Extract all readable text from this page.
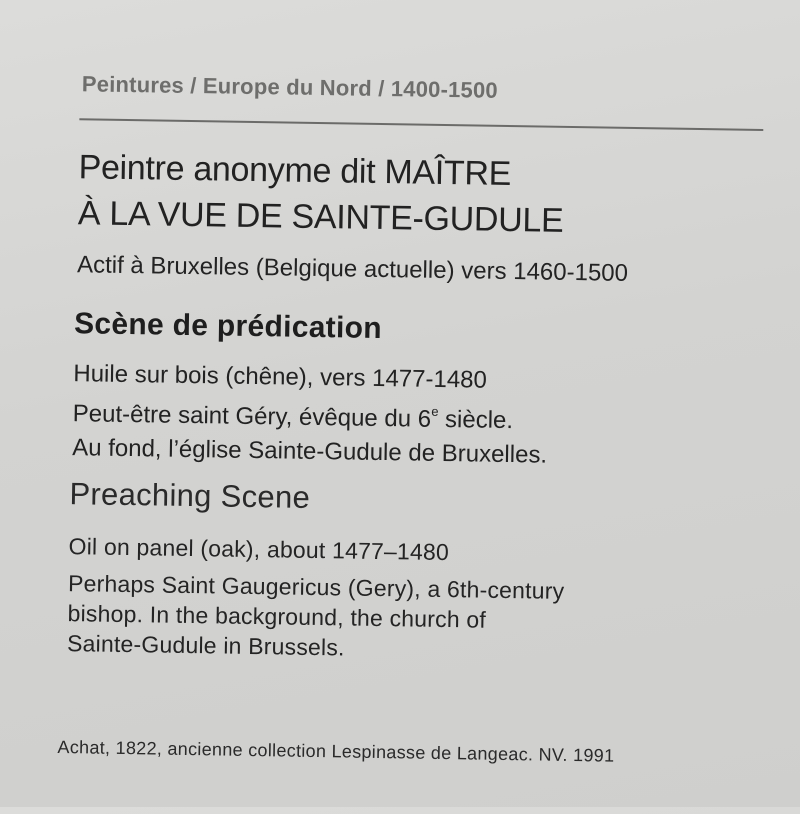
Peintures / Europe du Nord / 1400-1500
Peintre anonyme dit MAÎTRE
À LA VUE DE SAINTE-GUDULE
Actif à Bruxelles (Belgique actuelle) vers 1460-1500
Scène de prédication
Huile sur bois (chêne), vers 1477-1480
Peut-être saint Géry, évêque du 6e siècle.
Au fond, l’église Sainte-Gudule de Bruxelles.
Preaching Scene
Oil on panel (oak), about 1477–1480
Perhaps Saint Gaugericus (Gery), a 6th-century
bishop. In the background, the church of
Sainte-Gudule in Brussels.
Achat, 1822, ancienne collection Lespinasse de Langeac. NV. 1991
